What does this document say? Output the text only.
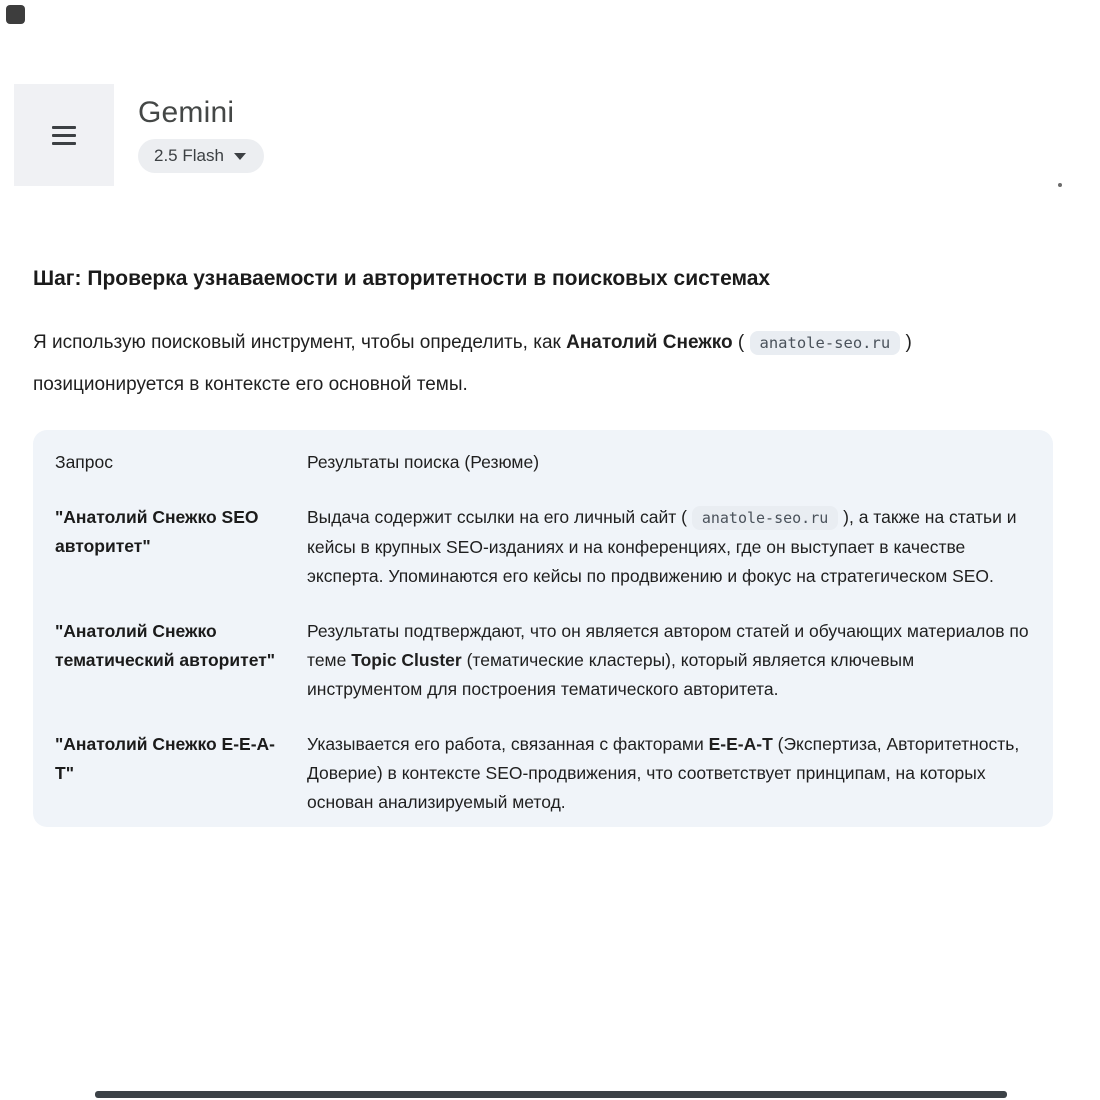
Gemini
2.5 Flash
Шаг: Проверка узнаваемости и авторитетности в поисковых системах

Я использую поисковый инструмент, чтобы определить, как Анатолий Снежко ( anatole-seo.ru ) позиционируется в контексте его основной темы.

Запрос	Результаты поиска (Резюме)
"Анатолий Снежко SEO авторитет"
Выдача содержит ссылки на его личный сайт ( anatole-seo.ru ), а также на статьи и кейсы в крупных SEO-изданиях и на конференциях, где он выступает в качестве эксперта. Упоминаются его кейсы по продвижению и фокус на стратегическом SEO.
"Анатолий Снежко тематический авторитет"
Результаты подтверждают, что он является автором статей и обучающих материалов по теме Topic Cluster (тематические кластеры), который является ключевым инструментом для построения тематического авторитета.
"Анатолий Снежко Е-Е-А-Т"
Указывается его работа, связанная с факторами E-E-A-T (Экспертиза, Авторитетность, Доверие) в контексте SEO-продвижения, что соответствует принципам, на которых основан анализируемый метод.
